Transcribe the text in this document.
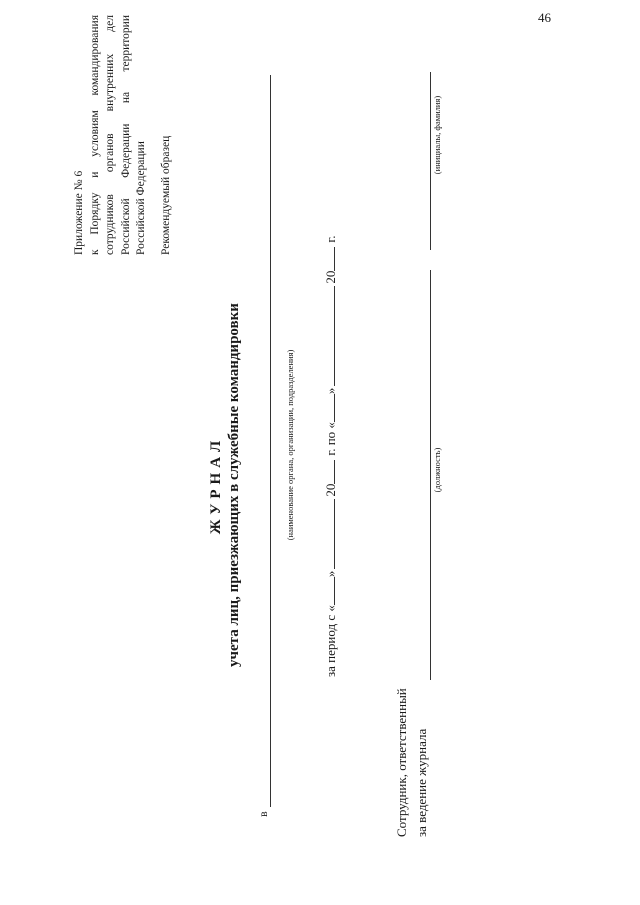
46

Приложение № 6 к Порядку и условиям командирования сотрудников органов внутренних дел Российской Федерации на территории Российской Федерации Рекомендуемый образец

ЖУРНАЛ учета лиц, приезжающих в служебные командировки
в
(наименование органа, организации, подразделения)
за период с «»20г. по «»20г.
Сотрудник, ответственный за ведение журнала
(должность)
(инициалы, фамилия)
